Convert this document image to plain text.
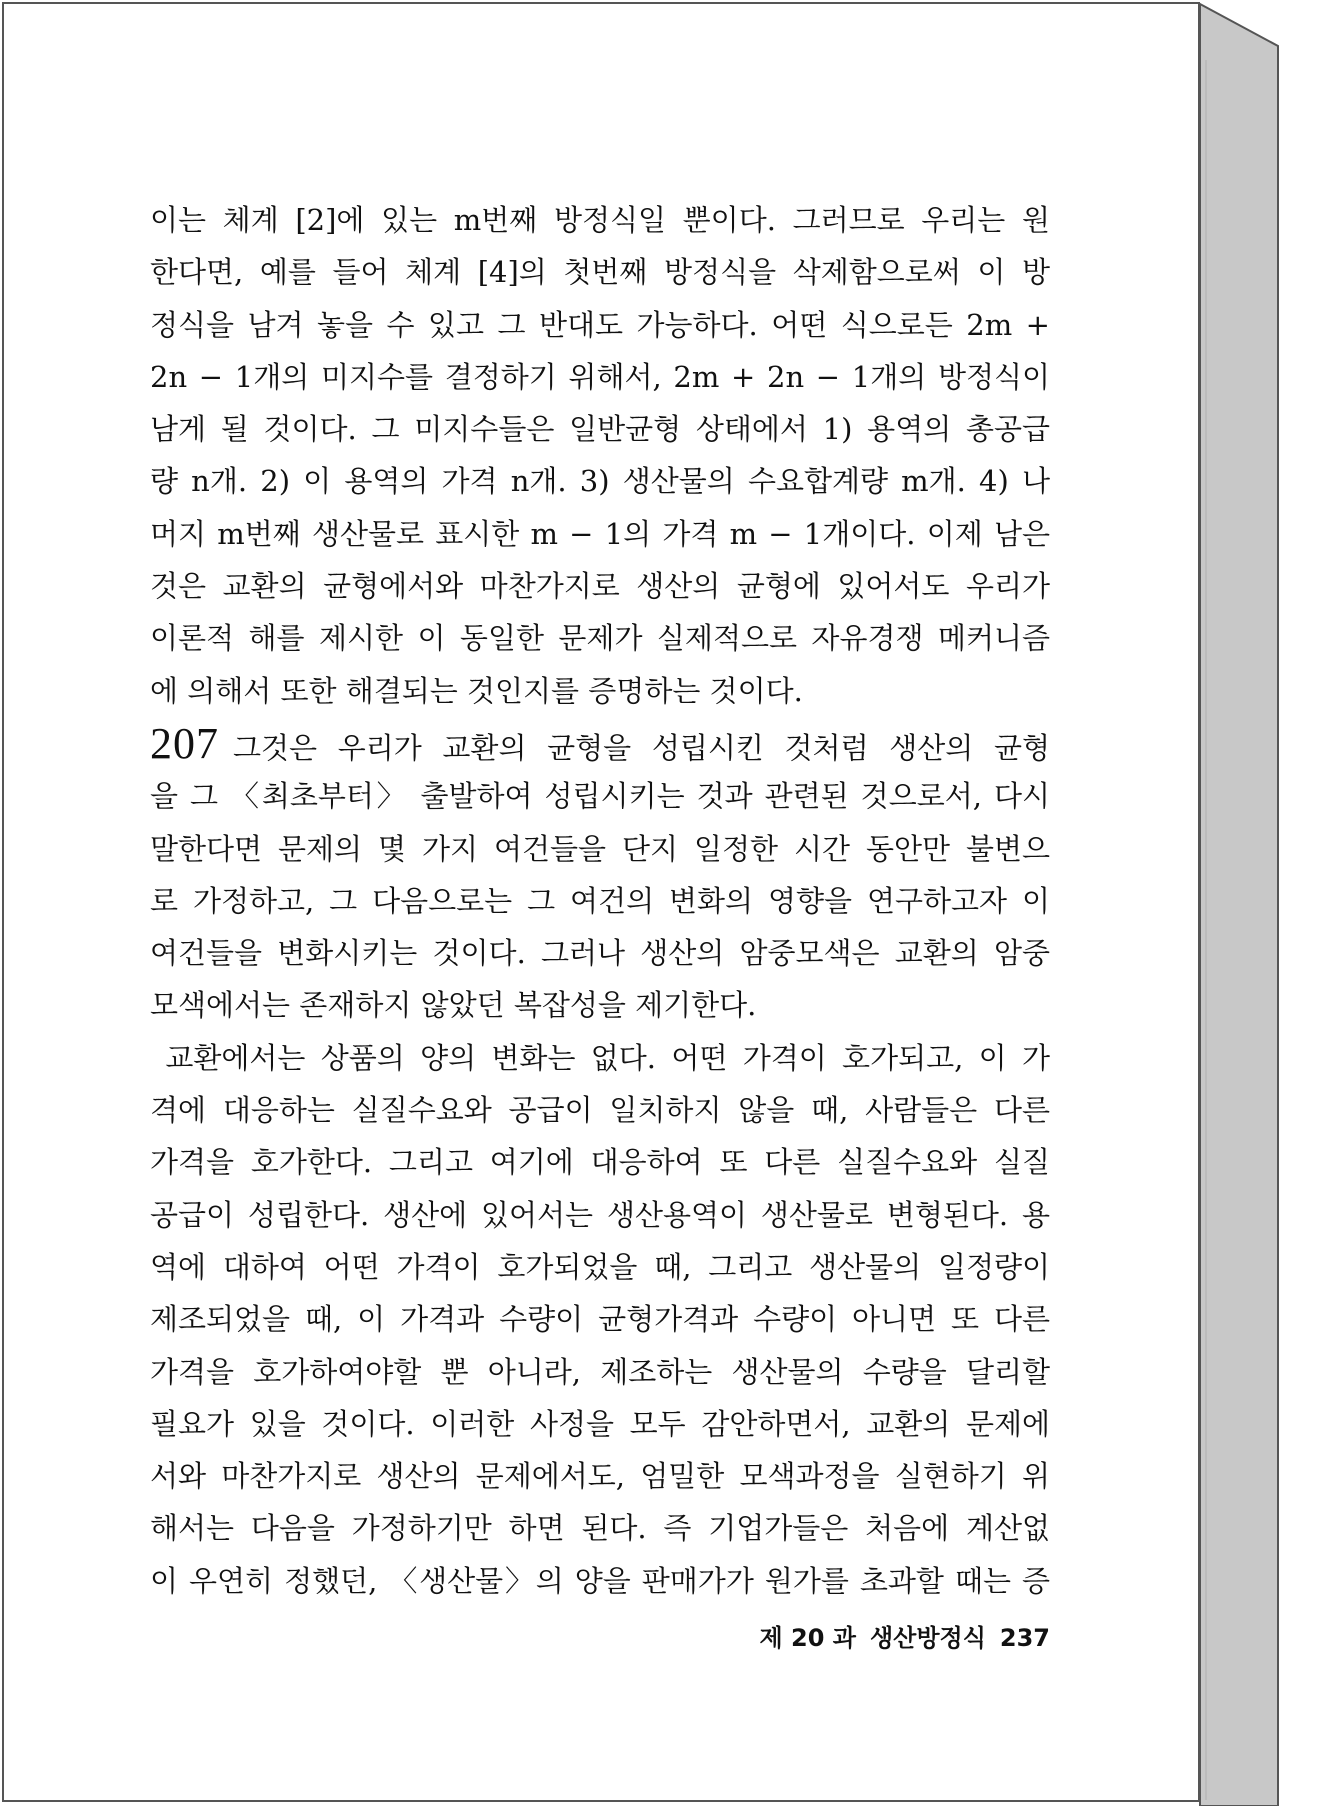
이는 체계 [2]에 있는 m번째 방정식일 뿐이다. 그러므로 우리는 원
한다면, 예를 들어 체계 [4]의 첫번째 방정식을 삭제함으로써 이 방
정식을 남겨 놓을 수 있고 그 반대도 가능하다. 어떤 식으로든 2m +
2n − 1개의 미지수를 결정하기 위해서, 2m + 2n − 1개의 방정식이
남게 될 것이다. 그 미지수들은 일반균형 상태에서 1) 용역의 총공급
량 n개. 2) 이 용역의 가격 n개. 3) 생산물의 수요합계량 m개. 4) 나
머지 m번째 생산물로 표시한 m − 1의 가격 m − 1개이다. 이제 남은
것은 교환의 균형에서와 마찬가지로 생산의 균형에 있어서도 우리가
이론적 해를 제시한 이 동일한 문제가 실제적으로 자유경쟁 메커니즘
에 의해서 또한 해결되는 것인지를 증명하는 것이다.
207 그것은 우리가 교환의 균형을 성립시킨 것처럼 생산의 균형
을 그 〈최초부터〉 출발하여 성립시키는 것과 관련된 것으로서, 다시
말한다면 문제의 몇 가지 여건들을 단지 일정한 시간 동안만 불변으
로 가정하고, 그 다음으로는 그 여건의 변화의 영향을 연구하고자 이
여건들을 변화시키는 것이다. 그러나 생산의 암중모색은 교환의 암중
모색에서는 존재하지 않았던 복잡성을 제기한다.
교환에서는 상품의 양의 변화는 없다. 어떤 가격이 호가되고, 이 가
격에 대응하는 실질수요와 공급이 일치하지 않을 때, 사람들은 다른
가격을 호가한다. 그리고 여기에 대응하여 또 다른 실질수요와 실질
공급이 성립한다. 생산에 있어서는 생산용역이 생산물로 변형된다. 용
역에 대하여 어떤 가격이 호가되었을 때, 그리고 생산물의 일정량이
제조되었을 때, 이 가격과 수량이 균형가격과 수량이 아니면 또 다른
가격을 호가하여야할 뿐 아니라, 제조하는 생산물의 수량을 달리할
필요가 있을 것이다. 이러한 사정을 모두 감안하면서, 교환의 문제에
서와 마찬가지로 생산의 문제에서도, 엄밀한 모색과정을 실현하기 위
해서는 다음을 가정하기만 하면 된다. 즉 기업가들은 처음에 계산없
이 우연히 정했던, 〈생산물〉의 양을 판매가가 원가를 초과할 때는 증
제 20 과 생산방정식 237
